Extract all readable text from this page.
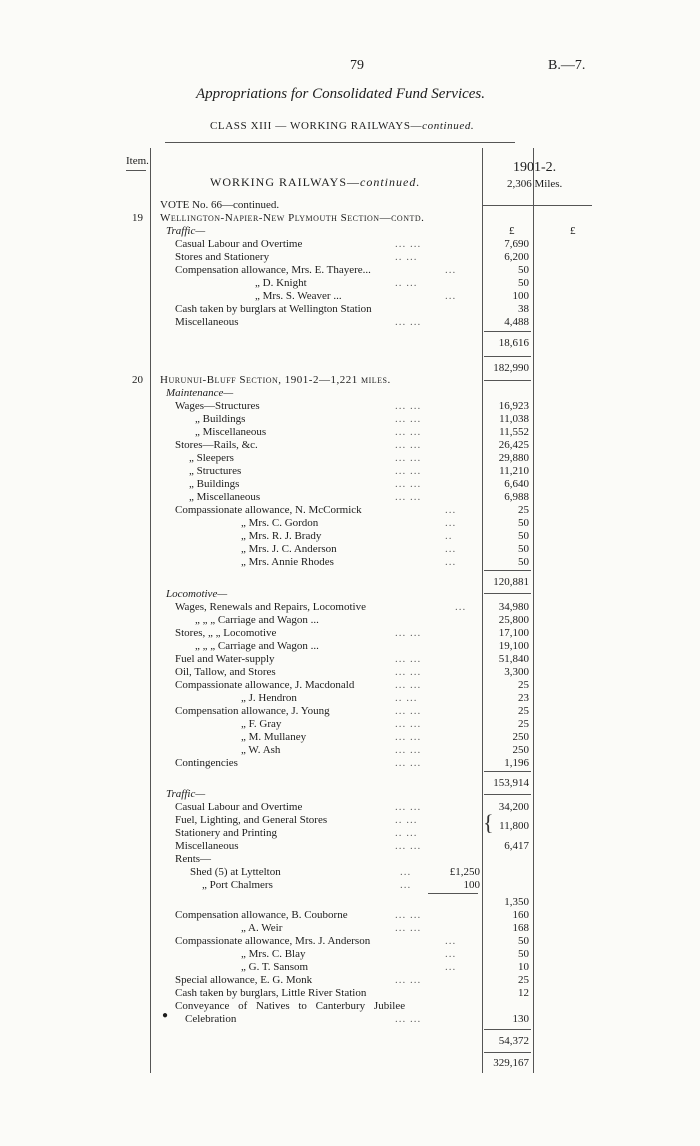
79	B.—7.
Appropriations for Consolidated Fund Services.
CLASS XIII — WORKING RAILWAYS—continued.
Item.
WORKING RAILWAYS—continued.
1901-2.
2,306 Miles.
VOTE No. 66—continued.
19 Wellington-Napier-New Plymouth Section—contd.
Traffic—	£	£
Casual Labour and Overtime	... ...	7,690
Stores and Stationery	.. ...	6,200
Compensation allowance, Mrs. E. Thayere...	...	50
„ D. Knight	.. ...	50
„ Mrs. S. Weaver ...	...	100
Cash taken by burglars at Wellington Station	38
Miscellaneous	... ...	4,488
18,616
182,990
20 Hurunui-Bluff Section, 1901-2—1,221 miles.
Maintenance—
Wages—Structures	... ...	16,923
„ Buildings	... ...	11,038
„ Miscellaneous	... ...	11,552
Stores—Rails, &c.	... ...	26,425
„ Sleepers	... ...	29,880
„ Structures	... ...	11,210
„ Buildings	... ...	6,640
„ Miscellaneous	... ...	6,988
Compassionate allowance, N. McCormick	...	25
„ Mrs. C. Gordon	...	50
„ Mrs. R. J. Brady	..	50
„ Mrs. J. C. Anderson	...	50
„ Mrs. Annie Rhodes	...	50
120,881
Locomotive—
Wages, Renewals and Repairs, Locomotive	...	34,980
„ „ „ Carriage and Wagon ...	25,800
Stores, „ „ Locomotive	... ...	17,100
„ „ „ Carriage and Wagon ...	19,100
Fuel and Water-supply	... ...	51,840
Oil, Tallow, and Stores	... ...	3,300
Compassionate allowance, J. Macdonald	... ...	25
„ J. Hendron	.. ...	23
Compensation allowance, J. Young	... ...	25
„ F. Gray	... ...	25
„ M. Mullaney	... ...	250
„ W. Ash	... ...	250
Contingencies	... ...	1,196
153,914
Traffic—
Casual Labour and Overtime	... ...	34,200
Fuel, Lighting, and General Stores	.. ...
Stationery and Printing	.. ...
11,800
{
Miscellaneous	... ...	6,417
Rents—
Shed (5) at Lyttelton	...	£1,250
„ Port Chalmers	...	100
1,350
Compensation allowance, B. Couborne	... ...	160
„ A. Weir	... ...	168
Compassionate allowance, Mrs. J. Anderson	...	50
„ Mrs. C. Blay	...	50
„ G. T. Sansom	...	10
Special allowance, E. G. Monk	... ...	25
Cash taken by burglars, Little River Station	12
Conveyance of Natives to Canterbury Jubilee
● Celebration	... ...	130
54,372
329,167
